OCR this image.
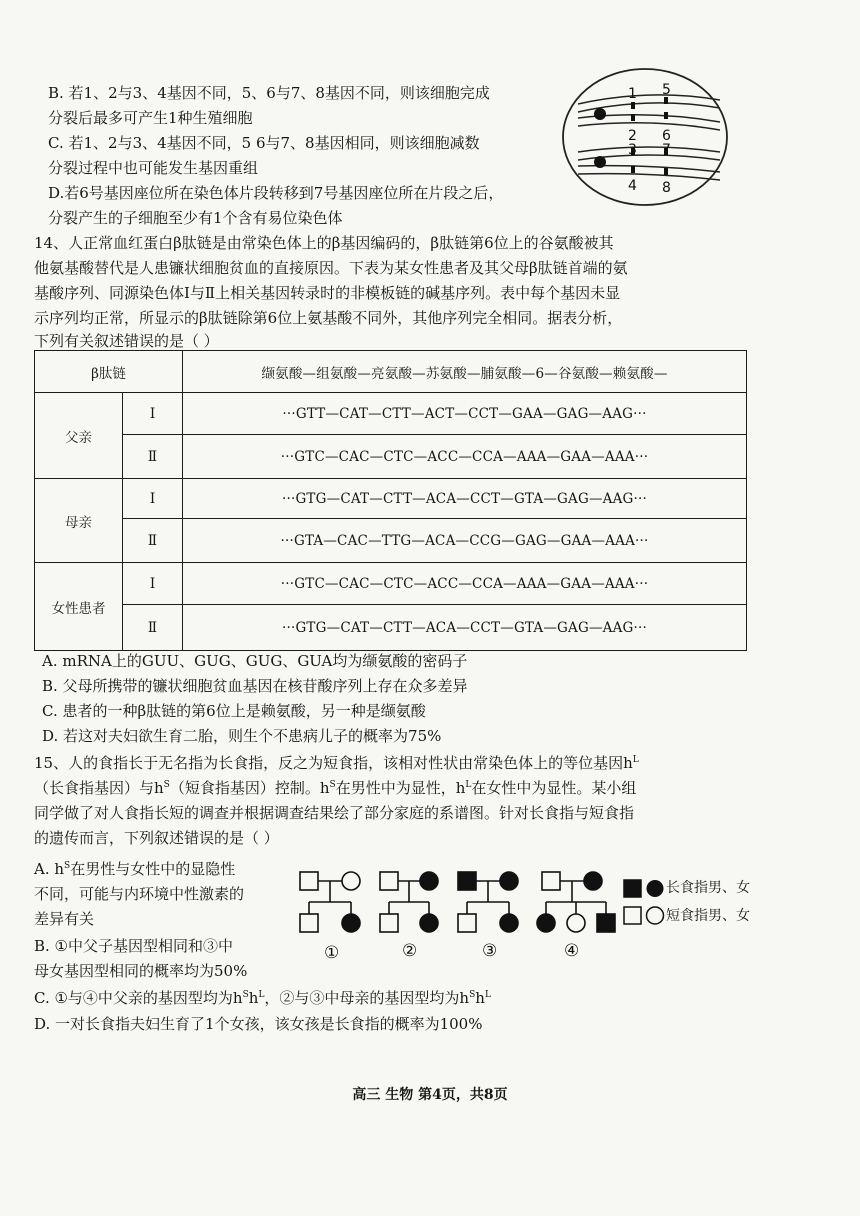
B. 若1、2与3、4基因不同，5、6与7、8基因不同，则该细胞完成
分裂后最多可产生1种生殖细胞
C. 若1、2与3、4基因不同，5 6与7、8基因相同，则该细胞减数
分裂过程中也可能发生基因重组
D.若6号基因座位所在染色体片段转移到7号基因座位所在片段之后，
分裂产生的子细胞至少有1个含有易位染色体
1 5
2 6
3 7
4 8
14、人正常血红蛋白β肽链是由常染色体上的β基因编码的，β肽链第6位上的谷氨酸被其
他氨基酸替代是人患镰状细胞贫血的直接原因。下表为某女性患者及其父母β肽链首端的氨
基酸序列、同源染色体Ⅰ与Ⅱ上相关基因转录时的非模板链的碱基序列。表中每个基因未显
示序列均正常，所显示的β肽链除第6位上氨基酸不同外，其他序列完全相同。据表分析，
下列有关叙述错误的是（ ）
β肽链		缬氨酸—组氨酸—亮氨酸—苏氨酸—脯氨酸—6—谷氨酸—赖氨酸—
父亲	Ⅰ	···GTT—CAT—CTT—ACT—CCT—GAA—GAG—AAG···
	Ⅱ	···GTC—CAC—CTC—ACC—CCA—AAA—GAA—AAA···
母亲	Ⅰ	···GTG—CAT—CTT—ACA—CCT—GTA—GAG—AAG···
	Ⅱ	···GTA—CAC—TTG—ACA—CCG—GAG—GAA—AAA···
女性患者	Ⅰ	···GTC—CAC—CTC—ACC—CCA—AAA—GAA—AAA···
	Ⅱ	···GTG—CAT—CTT—ACA—CCT—GTA—GAG—AAG···
A. mRNA上的GUU、GUG、GUG、GUA均为缬氨酸的密码子
B. 父母所携带的镰状细胞贫血基因在核苷酸序列上存在众多差异
C. 患者的一种β肽链的第6位上是赖氨酸，另一种是缬氨酸
D. 若这对夫妇欲生育二胎，则生个不患病儿子的概率为75%
15、人的食指长于无名指为长食指，反之为短食指，该相对性状由常染色体上的等位基因$h^L$
（长食指基因）与$h^S$（短食指基因）控制。$h^S$在男性中为显性，$h^L$在女性中为显性。某小组
同学做了对人食指长短的调查并根据调查结果绘了部分家庭的系谱图。针对长食指与短食指
的遗传而言，下列叙述错误的是（ ）
A. $h^S$在男性与女性中的显隐性
不同，可能与内环境中性激素的
差异有关
B. ①中父子基因型相同和③中
母女基因型相同的概率均为50%
C. ①与④中父亲的基因型均为$h^Sh^L$，②与③中母亲的基因型均为$h^Sh^L$
D. 一对长食指夫妇生育了1个女孩，该女孩是长食指的概率为100%
①	②	③	④
长食指男、女
短食指男、女
高三 生物 第4页，共8页
